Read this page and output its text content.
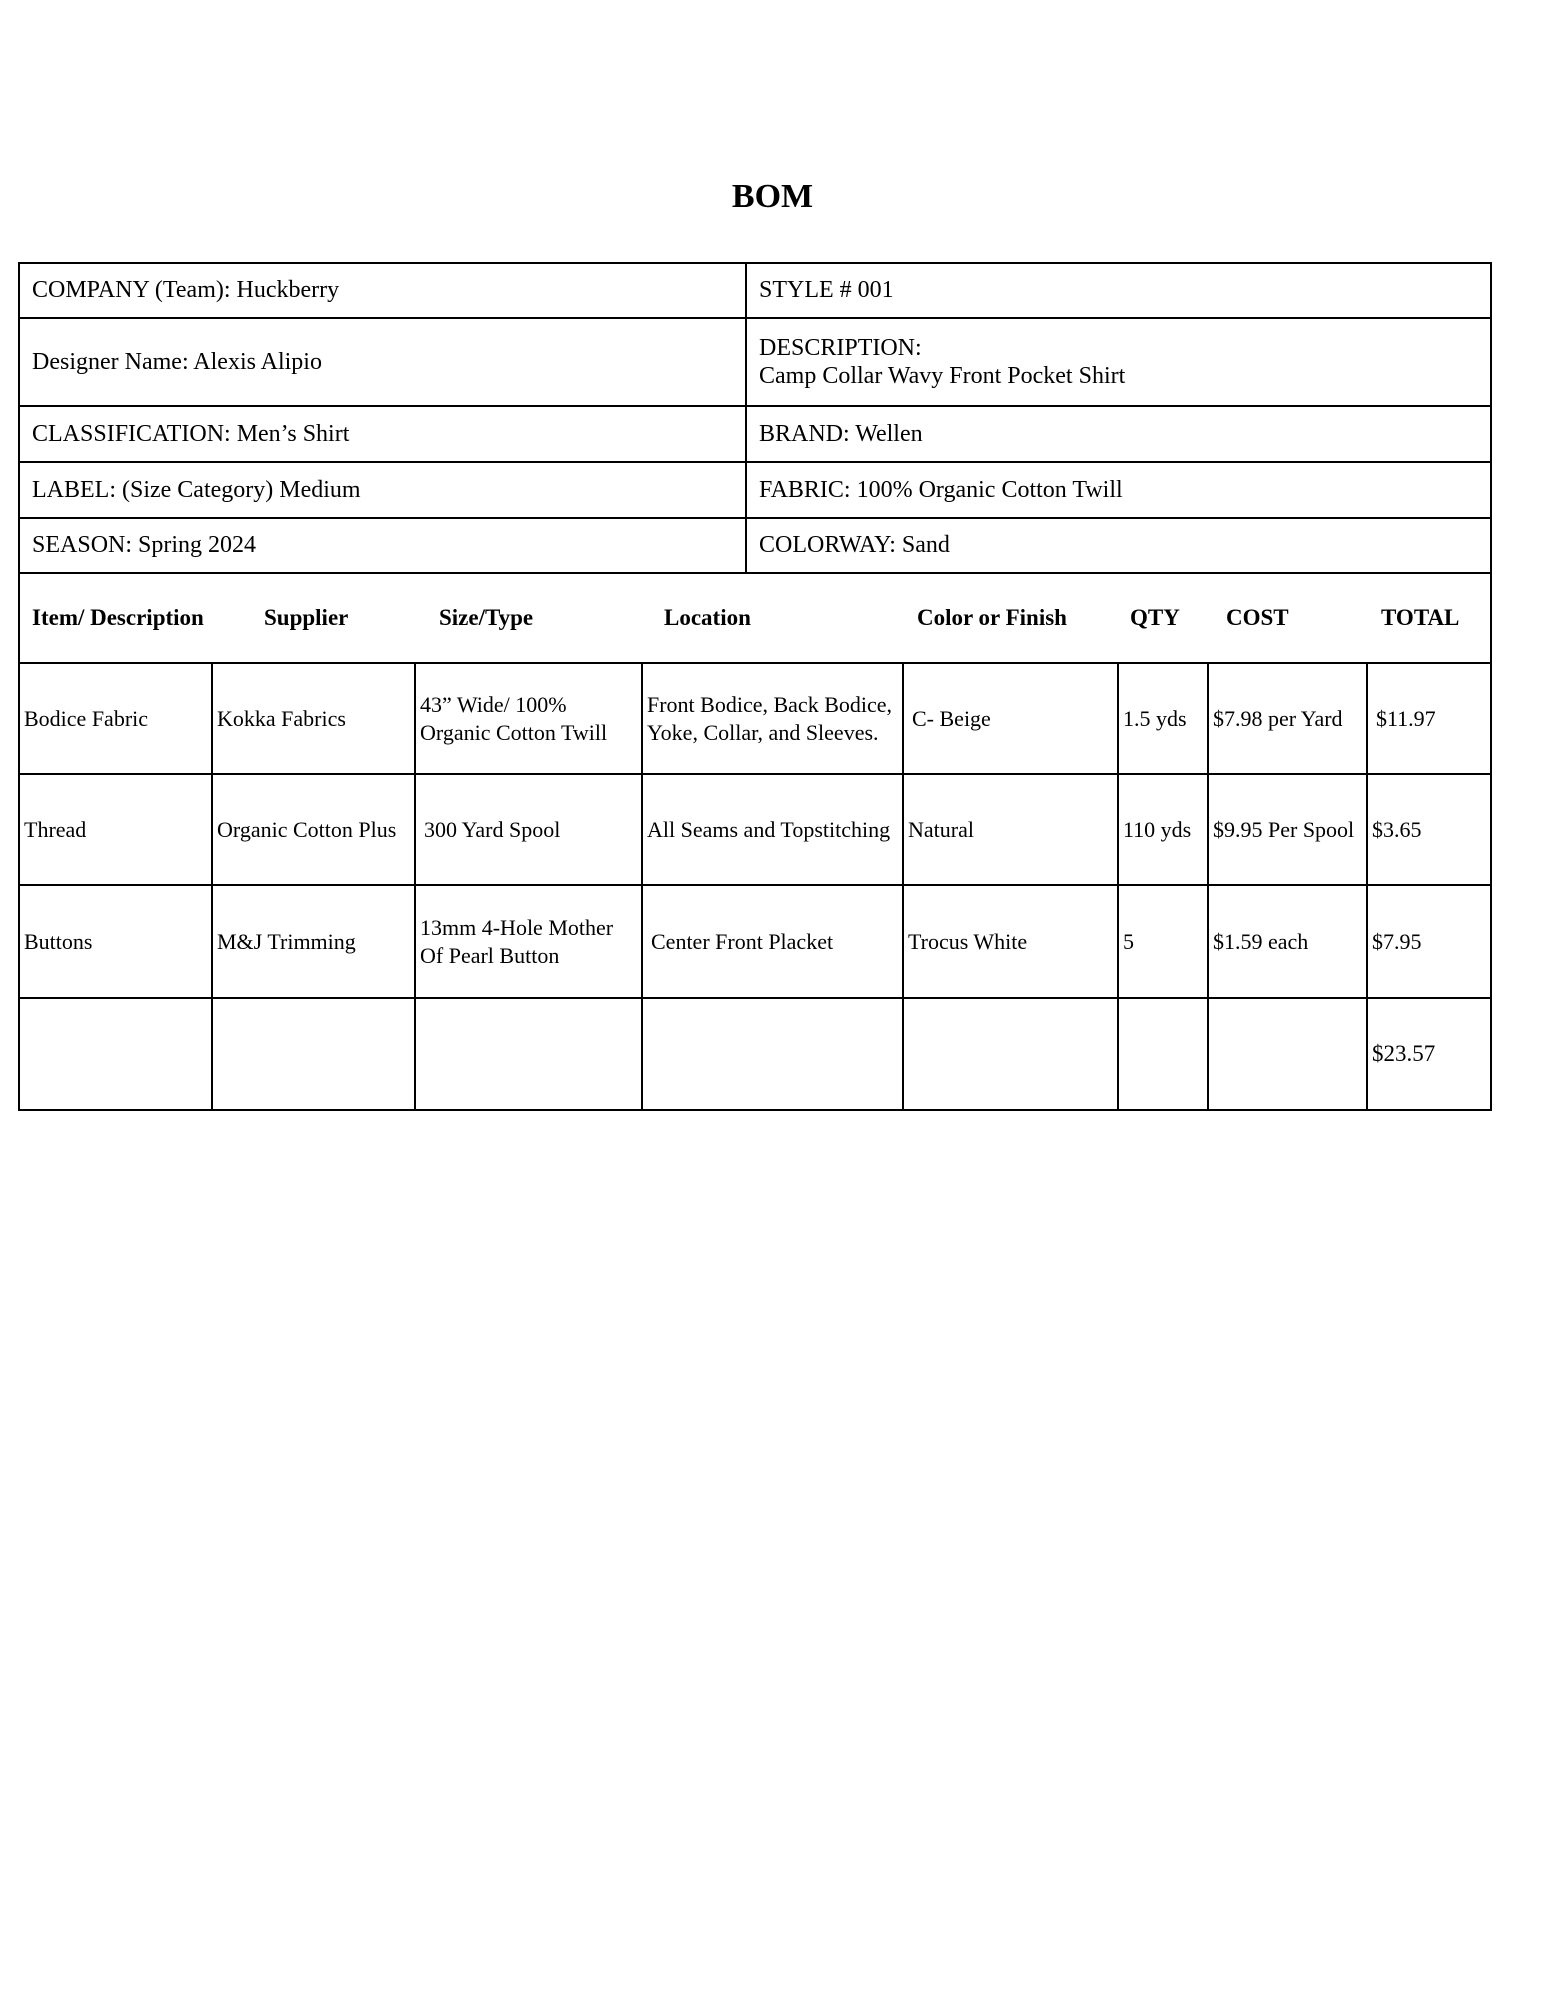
BOM
COMPANY (Team): Huckberry	STYLE # 001
Designer Name: Alexis Alipio	DESCRIPTION:
Camp Collar Wavy Front Pocket Shirt

CLASSIFICATION: Men’s Shirt	BRAND: Wellen
LABEL: (Size Category) Medium	FABRIC: 100% Organic Cotton Twill
SEASON: Spring 2024	COLORWAY: Sand
Item/ Description	Supplier	Size/Type	Location	Color or Finish	QTY	COST	TOTAL
Bodice Fabric	Kokka Fabrics	43” Wide/ 100% Organic Cotton Twill	Front Bodice, Back Bodice, Yoke, Collar, and Sleeves.	C- Beige	1.5 yds	$7.98 per Yard	$11.97
Thread	Organic Cotton Plus	300 Yard Spool	All Seams and Topstitching	Natural	110 yds	$9.95 Per Spool	$3.65
Buttons	M&J Trimming	13mm 4-Hole Mother Of Pearl Button	Center Front Placket	Trocus White	5	$1.59 each	$7.95
							$23.57
